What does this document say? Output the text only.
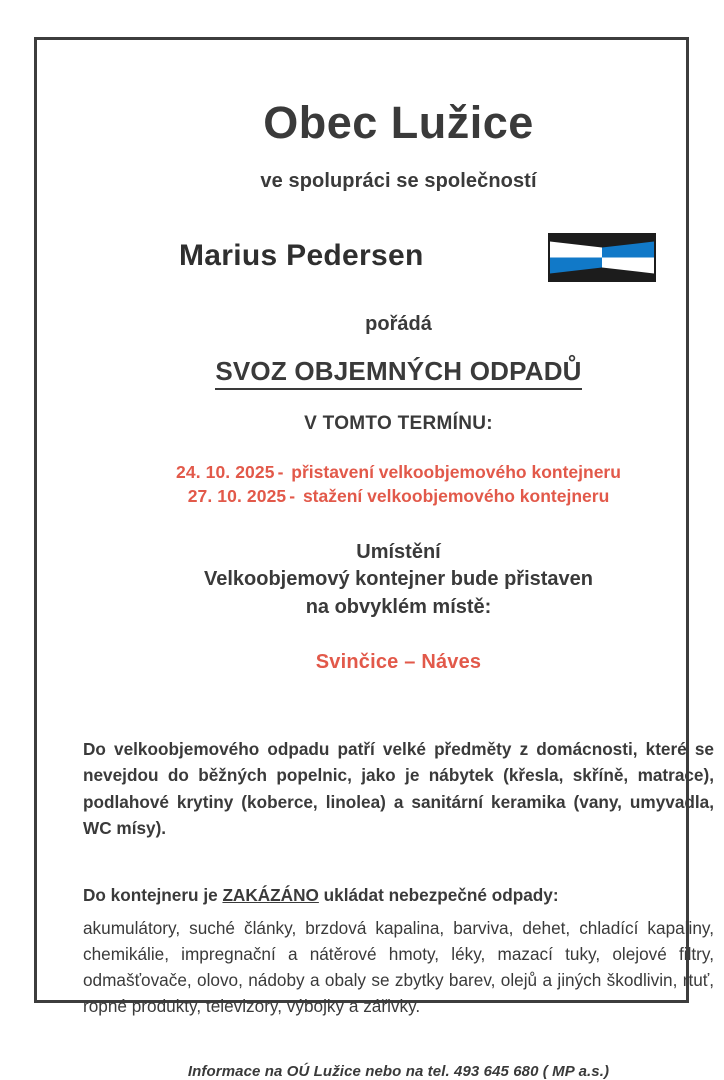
Obec Lužice
ve spolupráci se společností
Marius Pedersen
pořádá
SVOZ OBJEMNÝCH ODPADŮ
V TOMTO TERMÍNU:
24. 10. 2025 - přistavení velkoobjemového kontejneru
27. 10. 2025 - stažení velkoobjemového kontejneru
Umístění
Velkoobjemový kontejner bude přistaven
na obvyklém místě:
Svinčice – Náves
Do velkoobjemového odpadu patří velké předměty z domácnosti, které se nevejdou do běžných popelnic, jako je nábytek (křesla, skříně, matrace), podlahové krytiny (koberce, linolea) a sanitární keramika (vany, umyvadla, WC mísy).
Do kontejneru je ZAKÁZÁNO ukládat nebezpečné odpady:
akumulátory, suché články, brzdová kapalina, barviva, dehet, chladící kapaliny, chemikálie, impregnační a nátěrové hmoty, léky, mazací tuky, olejové filtry, odmašťovače, olovo, nádoby a obaly se zbytky barev, olejů a jiných škodlivin, rtuť, ropné produkty, televizory, výbojky a zářivky.
Informace na OÚ Lužice nebo na tel. 493 645 680 ( MP a.s.)
